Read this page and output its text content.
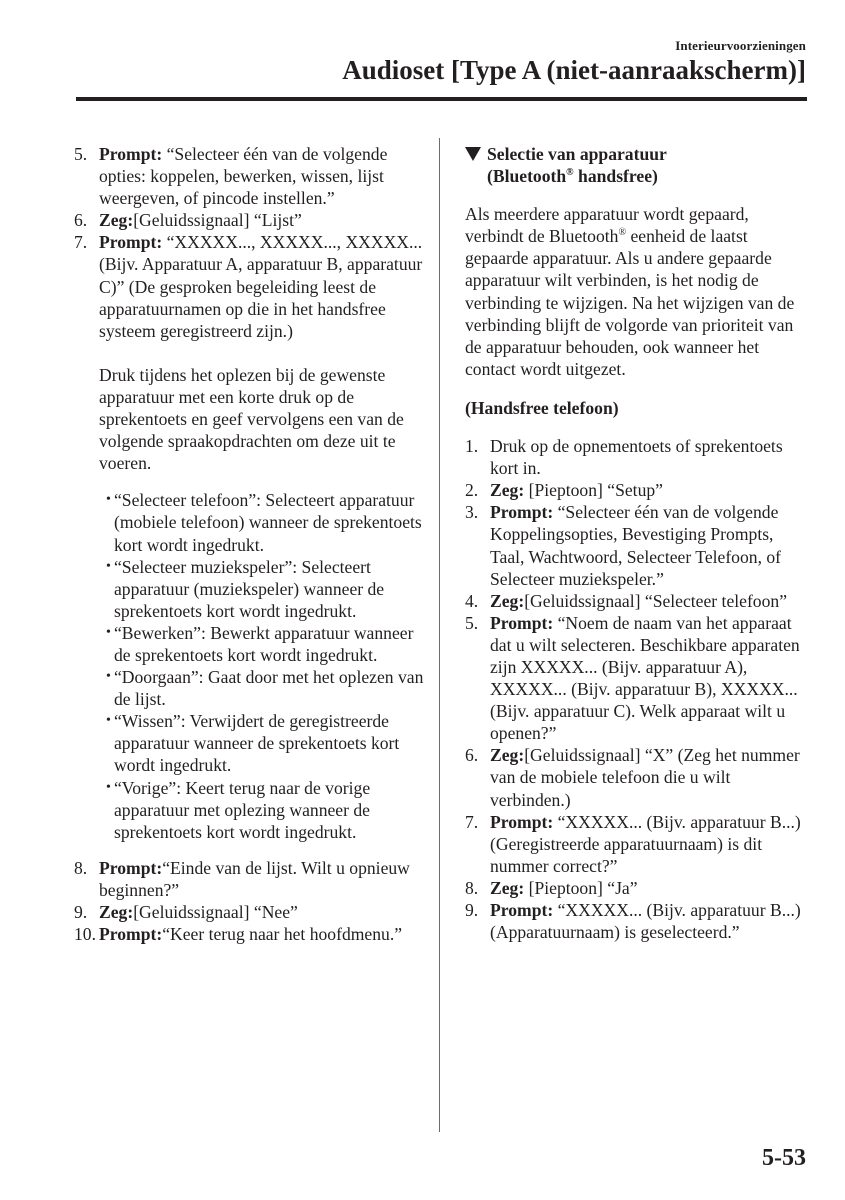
Interieurvoorzieningen
Audioset [Type A (niet-aanraakscherm)]
5. Prompt: “Selecteer één van de volgende opties: koppelen, bewerken, wissen, lijst weergeven, of pincode instellen.”
6. Zeg:[Geluidssignaal] “Lijst”
7. Prompt: “XXXXX..., XXXXX..., XXXXX... (Bijv. Apparatuur A, apparatuur B, apparatuur C)” (De gesproken begeleiding leest de apparatuurnamen op die in het handsfree systeem geregistreerd zijn.)
Druk tijdens het oplezen bij de gewenste apparatuur met een korte druk op de sprekentoets en geef vervolgens een van de volgende spraakopdrachten om deze uit te voeren.
• “Selecteer telefoon”: Selecteert apparatuur (mobiele telefoon) wanneer de sprekentoets kort wordt ingedrukt.
• “Selecteer muziekspeler”: Selecteert apparatuur (muziekspeler) wanneer de sprekentoets kort wordt ingedrukt.
• “Bewerken”: Bewerkt apparatuur wanneer de sprekentoets kort wordt ingedrukt.
• “Doorgaan”: Gaat door met het oplezen van de lijst.
• “Wissen”: Verwijdert de geregistreerde apparatuur wanneer de sprekentoets kort wordt ingedrukt.
• “Vorige”: Keert terug naar de vorige apparatuur met oplezing wanneer de sprekentoets kort wordt ingedrukt.
8. Prompt:“Einde van de lijst. Wilt u opnieuw beginnen?”
9. Zeg:[Geluidssignaal] “Nee”
10. Prompt:“Keer terug naar het hoofdmenu.”
Selectie van apparatuur
(Bluetooth® handsfree)
Als meerdere apparatuur wordt gepaard, verbindt de Bluetooth® eenheid de laatst gepaarde apparatuur. Als u andere gepaarde apparatuur wilt verbinden, is het nodig de verbinding te wijzigen. Na het wijzigen van de verbinding blijft de volgorde van prioriteit van de apparatuur behouden, ook wanneer het contact wordt uitgezet.
(Handsfree telefoon)
1. Druk op de opnementoets of sprekentoets kort in.
2. Zeg: [Pieptoon] “Setup”
3. Prompt: “Selecteer één van de volgende Koppelingsopties, Bevestiging Prompts, Taal, Wachtwoord, Selecteer Telefoon, of Selecteer muziekspeler.”
4. Zeg:[Geluidssignaal] “Selecteer telefoon”
5. Prompt: “Noem de naam van het apparaat dat u wilt selecteren. Beschikbare apparaten zijn XXXXX... (Bijv. apparatuur A), XXXXX... (Bijv. apparatuur B), XXXXX... (Bijv. apparatuur C). Welk apparaat wilt u openen?”
6. Zeg:[Geluidssignaal] “X” (Zeg het nummer van de mobiele telefoon die u wilt verbinden.)
7. Prompt: “XXXXX... (Bijv. apparatuur B...) (Geregistreerde apparatuurnaam) is dit nummer correct?”
8. Zeg: [Pieptoon] “Ja”
9. Prompt: “XXXXX... (Bijv. apparatuur B...) (Apparatuurnaam) is geselecteerd.”
5-53
